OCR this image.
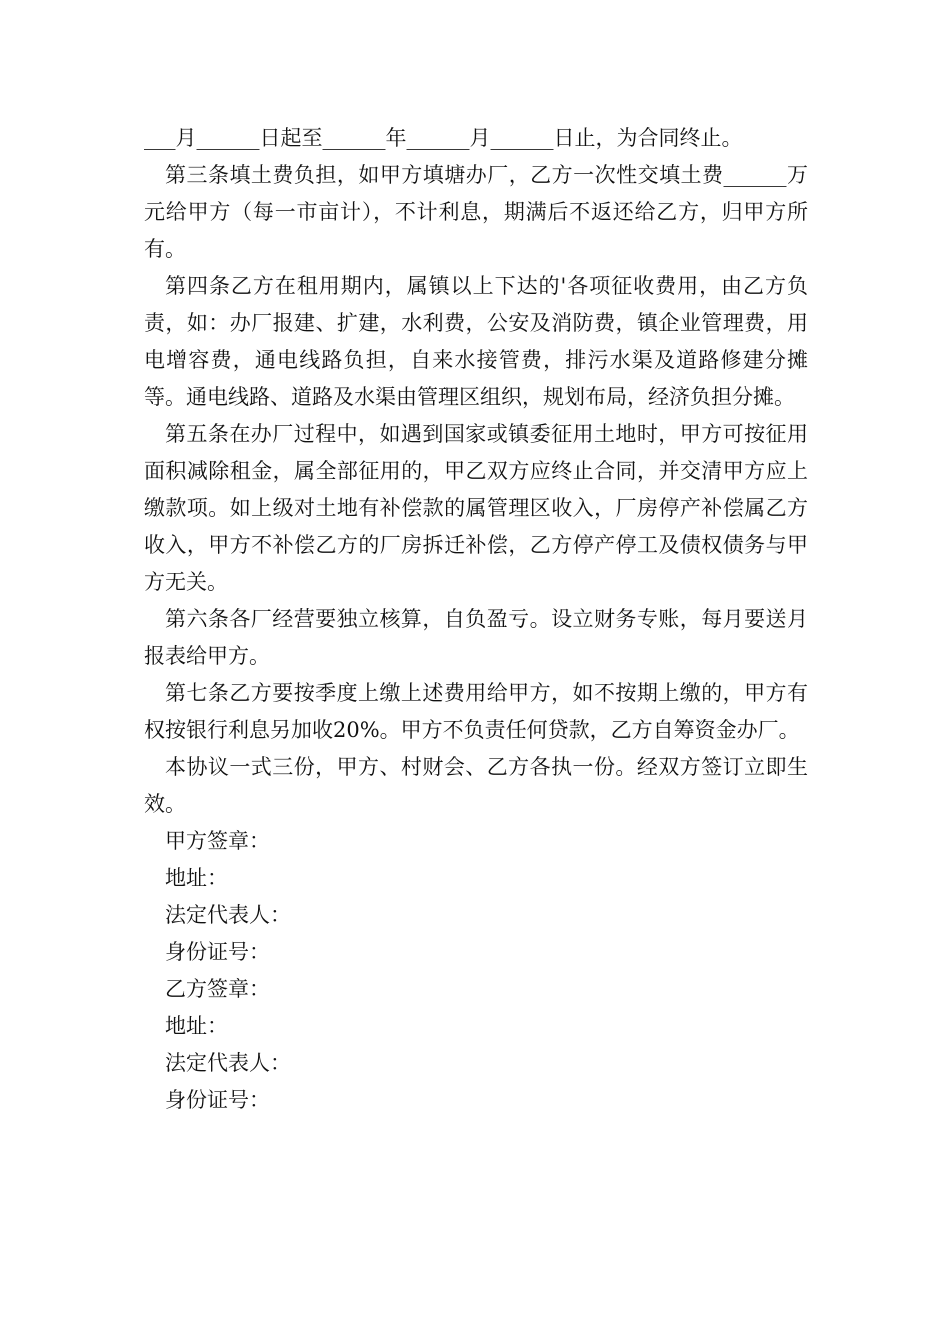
___月______日起至______年______月______日止，为合同终止。

第三条填土费负担，如甲方填塘办厂，乙方一次性交填土费______万元给甲方（每一市亩计），不计利息，期满后不返还给乙方，归甲方所有。

第四条乙方在租用期内，属镇以上下达的'各项征收费用，由乙方负责，如：办厂报建、扩建，水利费，公安及消防费，镇企业管理费，用电增容费，通电线路负担，自来水接管费，排污水渠及道路修建分摊等。通电线路、道路及水渠由管理区组织，规划布局，经济负担分摊。

第五条在办厂过程中，如遇到国家或镇委征用土地时，甲方可按征用面积减除租金，属全部征用的，甲乙双方应终止合同，并交清甲方应上缴款项。如上级对土地有补偿款的属管理区收入，厂房停产补偿属乙方收入，甲方不补偿乙方的厂房拆迁补偿，乙方停产停工及债权债务与甲方无关。

第六条各厂经营要独立核算，自负盈亏。设立财务专账，每月要送月报表给甲方。

第七条乙方要按季度上缴上述费用给甲方，如不按期上缴的，甲方有权按银行利息另加收20%。甲方不负责任何贷款，乙方自筹资金办厂。

本协议一式三份，甲方、村财会、乙方各执一份。经双方签订立即生效。

甲方签章：

地址：

法定代表人：

身份证号：

乙方签章：

地址：

法定代表人：

身份证号：
